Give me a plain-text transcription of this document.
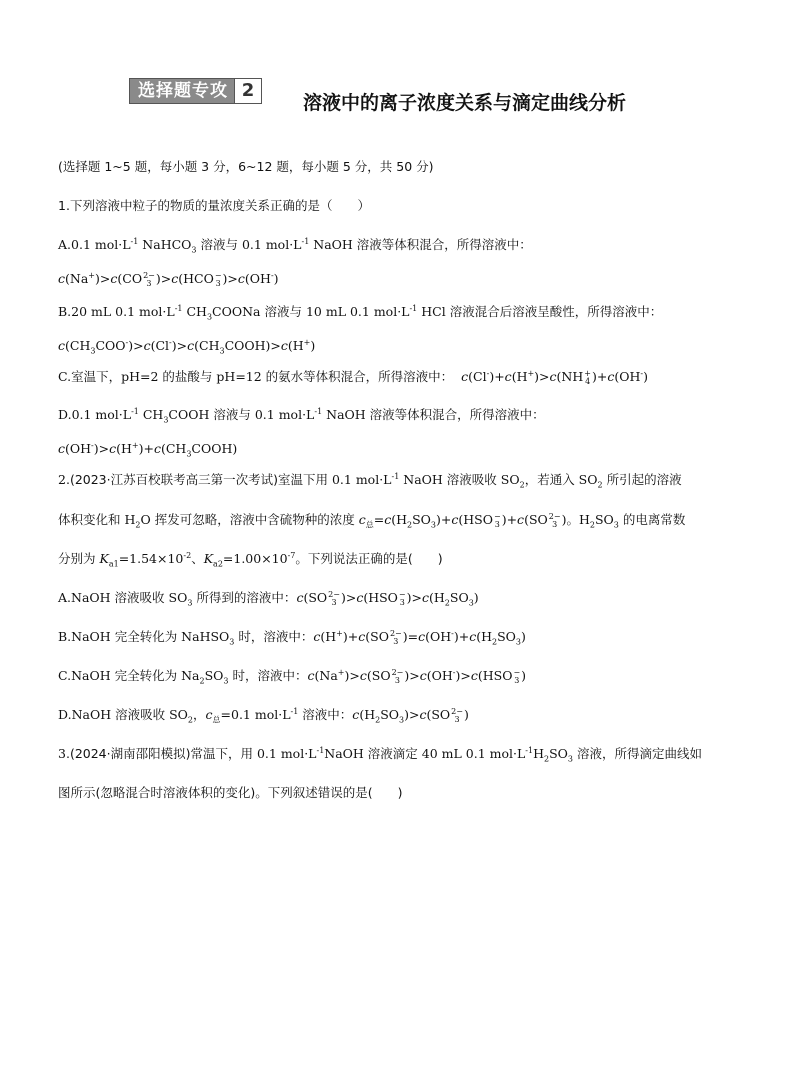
选择题专攻 2
溶液中的离子浓度关系与滴定曲线分析
(选择题 1~5 题，每小题 3 分，6~12 题，每小题 5 分，共 50 分)
1.下列溶液中粒子的物质的量浓度关系正确的是（　　）
A.0.1 $mol\cdot L^{-1}$ NaHCO$_3$ 溶液与 0.1 $mol\cdot L^{-1}$ NaOH 溶液等体积混合，所得溶液中：
c(Na+)>c(CO2−
3 )>c(HCO−
3 )>c(OH-)
B.20 mL 0.1 $mol\cdot L^{-1}$ $CH_3COONa$ 溶液与 10 mL 0.1 $mol\cdot L^{-1}$ HCl 溶液混合后溶液呈酸性，所得溶液中：
$c(CH_3COO^-)>c(Cl^-)>c(CH_3COOH)>c(H^+)$
C.室温下，pH=2 的盐酸与 pH=12 的氨水等体积混合，所得溶液中： c(Cl-)+c(H+)>c(NH+
4 )+c(OH-)
D.0.1 $mol\cdot L^{-1}$ $CH_3COOH$ 溶液与 0.1 $mol\cdot L^{-1}$ NaOH 溶液等体积混合，所得溶液中：
$c(OH^-)>c(H^+)+c(CH_3COOH)$
2.(2023·江苏百校联考高三第一次考试)室温下用 0.1 $mol\cdot L^{-1}$ NaOH 溶液吸收 $SO_2$，若通入 $SO_2$ 所引起的溶液
体积变化和 $H_2O$ 挥发可忽略，溶液中含硫物种的浓度 $c_总=c(H_2SO_3)+c(HSO-$
3 )+c(SO2−
3 )。$H_2SO_3$ 的电离常数
分别为 $K_{a1}=1.54\times 10^{-2}$、$K_{a2}=1.00\times 10^{-7}$。下列说法正确的是(　　)
A.NaOH 溶液吸收 $SO_3$ 所得到的溶液中：c(SO2−
3 )>c(HSO−
3 )$>c(H_2SO_3)$
B.NaOH 完全转化为 NaHSO$_3$ 时，溶液中：c(H+)+c(SO2−
3 )$=c(OH^-)+c(H_2SO_3)$
C.NaOH 完全转化为 $Na_2SO_3$ 时，溶液中：c(Na+)>c(SO2−
3 )>c(OH-)>c(HSO−
3 )
D.NaOH 溶液吸收 $SO_2$，$c_总=0.1$ $mol\cdot L^{-1}$ 溶液中：$c(H_2SO_3)>c(SO2-$
3 )
3.(2024·湖南邵阳模拟)常温下，用 0.1 $mol\cdot L^{-1}NaOH$ 溶液滴定 40 mL 0.1 $mol\cdot L^{-1}H_2SO_3$ 溶液，所得滴定曲线如
图所示(忽略混合时溶液体积的变化)。下列叙述错误的是(　　)
